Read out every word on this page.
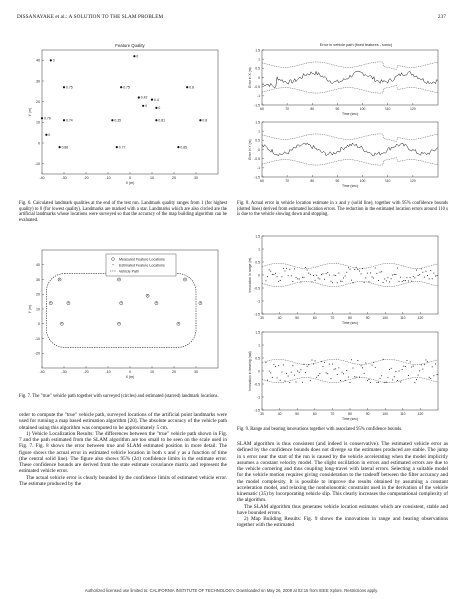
DISSANAYAKE et al.: A SOLUTION TO THE SLAM PROBLEM	237
Feature Quality
-40	-30	-20	-10	0	10	20	30
40
30
20
10
0
-10
X (m)
Y (m)
0
0
0.75	0.75	0.8
0.42
0.4
0
0
0.79
0.74	0.35	0.81	0.8
0
0.86	0.77	0.85
Fig. 6. Calculated landmark qualities at the end of the test run. Landmark quality ranges from 1 (for highest quality) to 0 (for lowest quality). Landmarks are marked with a star. Landmarks which are also circled are the artificial landmarks whose locations were surveyed so that the accuracy of the map building algorithm can be evaluated.
Error in vehicle path (fixed features - sonic)
60	70	80	90	100	110	120
1.5
1
0.5
0
-0.5
-1
-1.5
Time (sec)
Error in X (m)
60	70	80	90	100	110	120
1.5
1
0.5
0
-0.5
-1
-1.5
Time (sec)
Error in Y (m)
Fig. 8. Actual error in vehicle location estimate in x and y (solid line), together with 95% confidence bounds (dotted lines) derived from estimated location errors. The reduction in the estimated location errors around 110 s is due to the vehicle slowing down and stopping.
-40	-30	-20	-10	0	10	20	30
40
30
20
10
0
-10
-20
X (m)
Y (m)
*	*	*
*	*	*	*	*
*	*	*
*
Measured Feature Locations
* Estimated Feature Locations
Vehicle Path
Fig. 7. The "true" vehicle path together with surveyed (circles) and estimated (starred) landmark locations.
30	40	50	60	70	80	90	100	110	120
1.5
1
0.5
0
-0.5
-1
-1.5
Time (sec)
Innovation in range (m)
30	40	50	60	70	80	90	100	110	120
1.5
1
0.5
0
-0.5
-1
-1.5
Time (sec)
Innovation in bearing (rad)
Fig. 9. Range and bearing innovations together with associated 95% confidence bounds.

order to compute the "true" vehicle path, surveyed locations of the artificial point landmarks were used for running a map based estimation algorithm [20]. The absolute accuracy of the vehicle path obtained using this algorithm was computed to be approximately 5 cm.

1) Vehicle Localization Results: The differences between the "true" vehicle path shown in Fig. 7 and the path estimated from the SLAM algorithm are too small to be seen on the scale used in Fig. 7. Fig. 8 shows the error between true and SLAM estimated position in more detail. The figure shows the actual error in estimated vehicle location in both x and y as a function of time (the central solid line). The figure also shows 95% (2σ) confidence limits in the estimate error. These confidence bounds are derived from the state estimate covariance matrix and represent the estimated vehicle error.

The actual vehicle error is clearly bounded by the confidence limits of estimated vehicle error. The estimate produced by the

SLAM algorithm is thus consistent (and indeed is conservative). The estimated vehicle error as defined by the confidence bounds does not diverge so the estimates produced are stable. The jump in x error near the start of the run is caused by the vehicle accelerating when the model implicitly assumes a constant velocity model. The slight oscillation in errors and estimated errors are due to the vehicle cornering and thus coupling long-travel with lateral errors. Selecting a suitable model for the vehicle motion requires giving consideration to the tradeoff between the filter accuracy and the model complexity. It is possible to improve the results obtained by assuming a constant acceleration model, and relaxing the nonholonomic constraint used in the derivation of the vehicle kinematic (35) by incorporating vehicle slip. This clearly increases the computational complexity of the algorithm.

The SLAM algorithm thus generates vehicle location estimates which are consistent, stable and have bounded errors.

2) Map Building Results: Fig. 9 shows the innovations in range and bearing observations together with the estimated

Authorized licensed use limited to: CALIFORNIA INSTITUTE OF TECHNOLOGY. Downloaded on May 26, 2009 at 02:15 from IEEE Xplore. Restrictions apply.
